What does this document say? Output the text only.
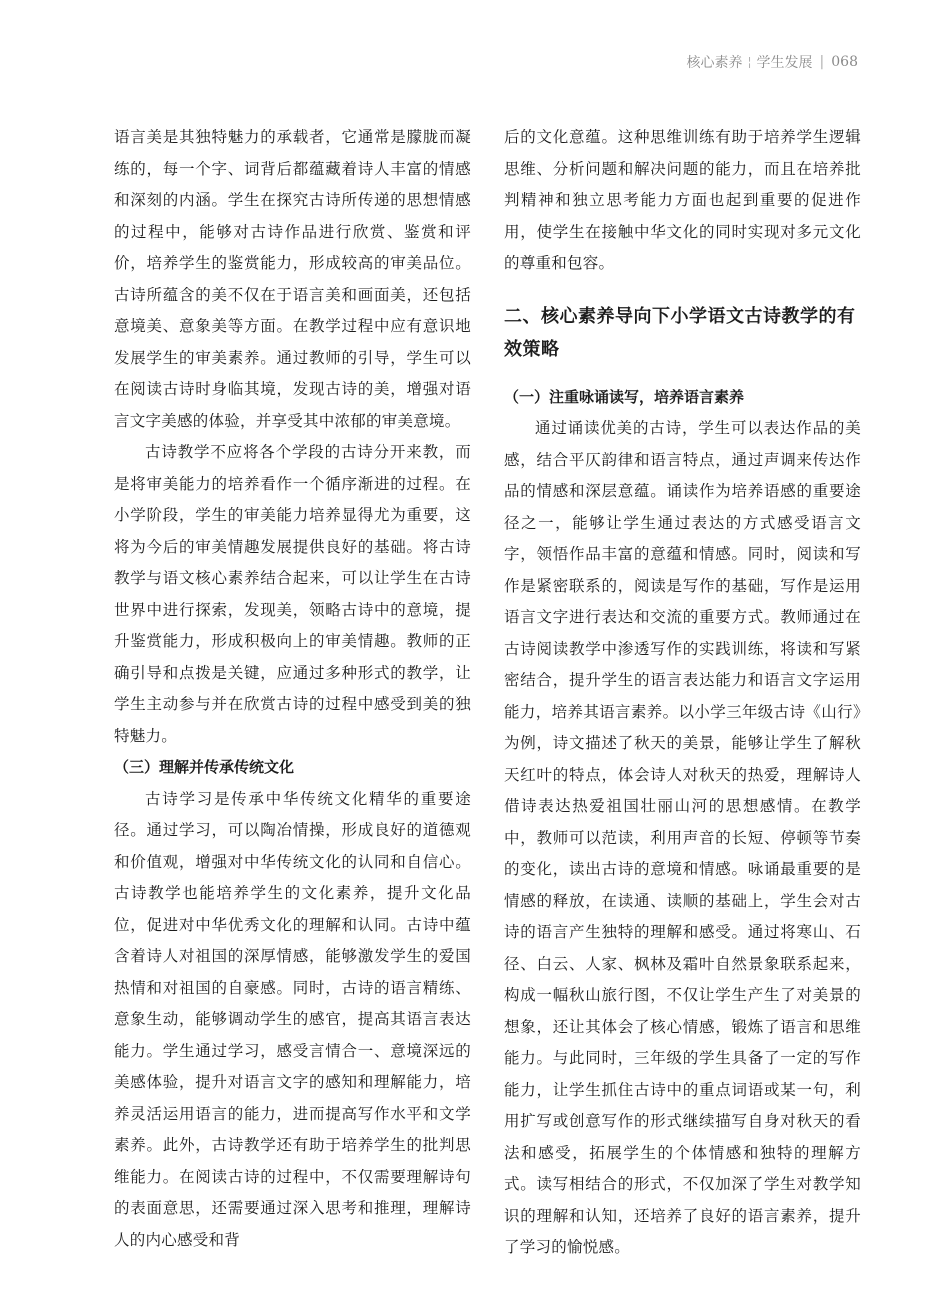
核心素养 ¦ 学生发展 | 068

语言美是其独特魅力的承载者，它通常是朦胧而凝练的，每一个字、词背后都蕴藏着诗人丰富的情感和深刻的内涵。学生在探究古诗所传递的思想情感的过程中，能够对古诗作品进行欣赏、鉴赏和评价，培养学生的鉴赏能力，形成较高的审美品位。古诗所蕴含的美不仅在于语言美和画面美，还包括意境美、意象美等方面。在教学过程中应有意识地发展学生的审美素养。通过教师的引导，学生可以在阅读古诗时身临其境，发现古诗的美，增强对语言文字美感的体验，并享受其中浓郁的审美意境。

古诗教学不应将各个学段的古诗分开来教，而是将审美能力的培养看作一个循序渐进的过程。在小学阶段，学生的审美能力培养显得尤为重要，这将为今后的审美情趣发展提供良好的基础。将古诗教学与语文核心素养结合起来，可以让学生在古诗世界中进行探索，发现美，领略古诗中的意境，提升鉴赏能力，形成积极向上的审美情趣。教师的正确引导和点拨是关键，应通过多种形式的教学，让学生主动参与并在欣赏古诗的过程中感受到美的独特魅力。

（三）理解并传承传统文化

古诗学习是传承中华传统文化精华的重要途径。通过学习，可以陶冶情操，形成良好的道德观和价值观，增强对中华传统文化的认同和自信心。古诗教学也能培养学生的文化素养，提升文化品位，促进对中华优秀文化的理解和认同。古诗中蕴含着诗人对祖国的深厚情感，能够激发学生的爱国热情和对祖国的自豪感。同时，古诗的语言精练、意象生动，能够调动学生的感官，提高其语言表达能力。学生通过学习，感受言情合一、意境深远的美感体验，提升对语言文字的感知和理解能力，培养灵活运用语言的能力，进而提高写作水平和文学素养。此外，古诗教学还有助于培养学生的批判思维能力。在阅读古诗的过程中，不仅需要理解诗句的表面意思，还需要通过深入思考和推理，理解诗人的内心感受和背

后的文化意蕴。这种思维训练有助于培养学生逻辑思维、分析问题和解决问题的能力，而且在培养批判精神和独立思考能力方面也起到重要的促进作用，使学生在接触中华文化的同时实现对多元文化的尊重和包容。

二、核心素养导向下小学语文古诗教学的有效策略
（一）注重咏诵读写，培养语言素养

通过诵读优美的古诗，学生可以表达作品的美感，结合平仄韵律和语言特点，通过声调来传达作品的情感和深层意蕴。诵读作为培养语感的重要途径之一，能够让学生通过表达的方式感受语言文字，领悟作品丰富的意蕴和情感。同时，阅读和写作是紧密联系的，阅读是写作的基础，写作是运用语言文字进行表达和交流的重要方式。教师通过在古诗阅读教学中渗透写作的实践训练，将读和写紧密结合，提升学生的语言表达能力和语言文字运用能力，培养其语言素养。以小学三年级古诗《山行》为例，诗文描述了秋天的美景，能够让学生了解秋天红叶的特点，体会诗人对秋天的热爱，理解诗人借诗表达热爱祖国壮丽山河的思想感情。在教学中，教师可以范读，利用声音的长短、停顿等节奏的变化，读出古诗的意境和情感。咏诵最重要的是情感的释放，在读通、读顺的基础上，学生会对古诗的语言产生独特的理解和感受。通过将寒山、石径、白云、人家、枫林及霜叶自然景象联系起来，构成一幅秋山旅行图，不仅让学生产生了对美景的想象，还让其体会了核心情感，锻炼了语言和思维能力。与此同时，三年级的学生具备了一定的写作能力，让学生抓住古诗中的重点词语或某一句，利用扩写或创意写作的形式继续描写自身对秋天的看法和感受，拓展学生的个体情感和独特的理解方式。读写相结合的形式，不仅加深了学生对教学知识的理解和认知，还培养了良好的语言素养，提升了学习的愉悦感。
